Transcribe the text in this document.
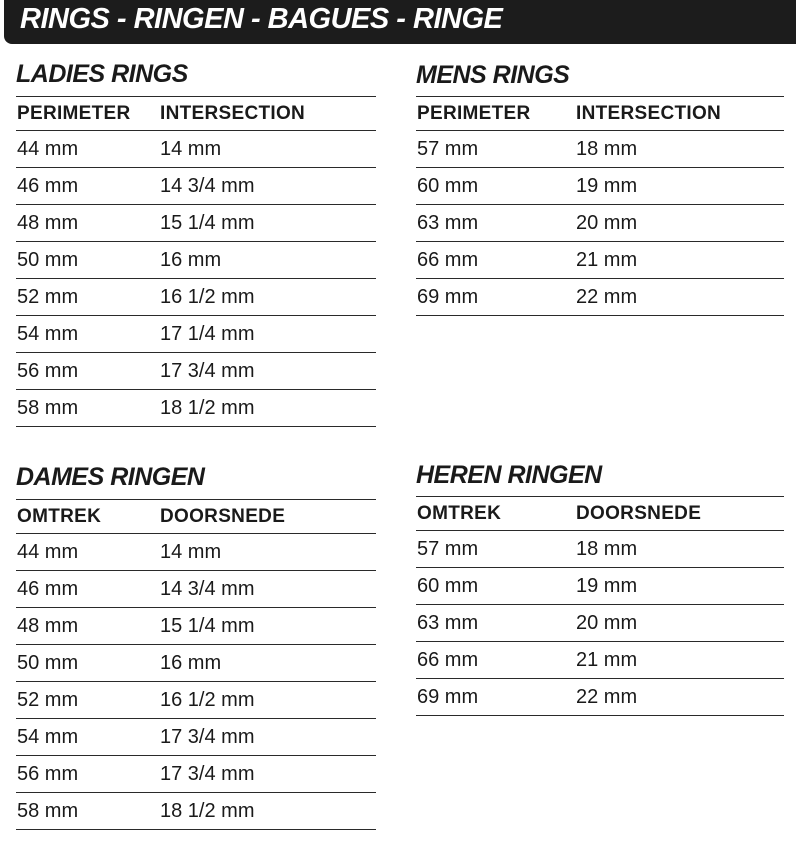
RINGS - RINGEN - BAGUES - RINGE
LADIES RINGS
PERIMETER INTERSECTION
44 mm	14 mm
46 mm	14 3/4 mm
48 mm	15 1/4 mm
50 mm	16 mm
52 mm	16 1/2 mm
54 mm	17 1/4 mm
56 mm	17 3/4 mm
58 mm	18 1/2 mm
MENS RINGS
PERIMETER INTERSECTION
57 mm	18 mm
60 mm	19 mm
63 mm	20 mm
66 mm	21 mm
69 mm	22 mm
DAMES RINGEN
OMTREK	DOORSNEDE
44 mm	14 mm
46 mm	14 3/4 mm
48 mm	15 1/4 mm
50 mm	16 mm
52 mm	16 1/2 mm
54 mm	17 3/4 mm
56 mm	17 3/4 mm
58 mm	18 1/2 mm
HEREN RINGEN
OMTREK	DOORSNEDE
57 mm	18 mm
60 mm	19 mm
63 mm	20 mm
66 mm	21 mm
69 mm	22 mm
